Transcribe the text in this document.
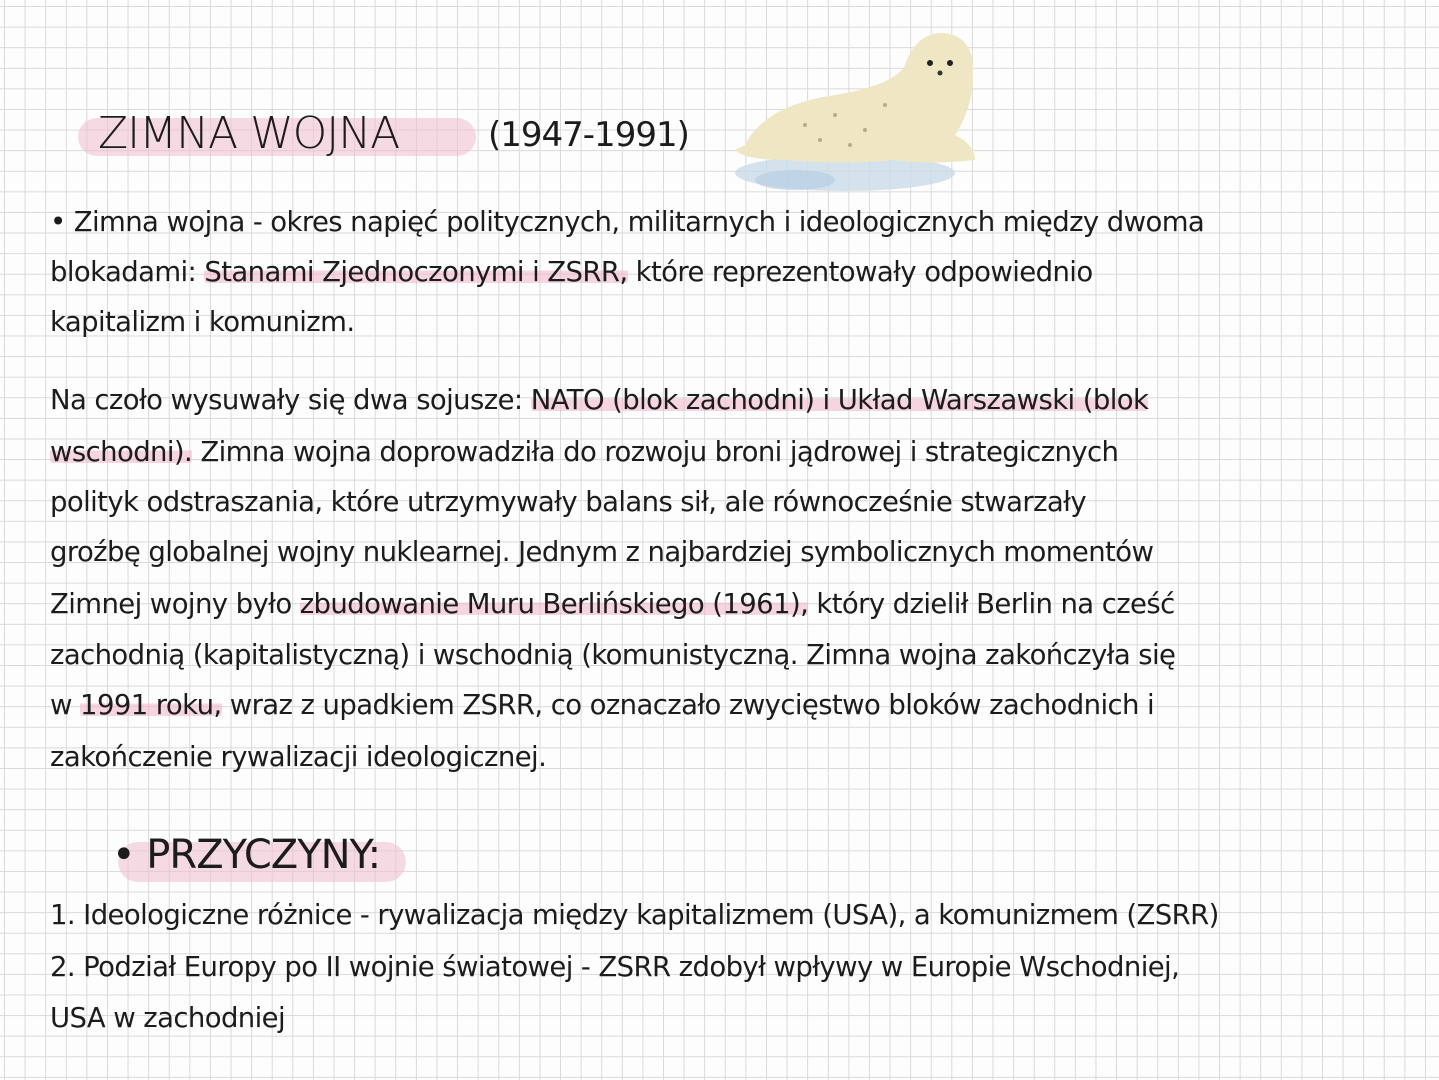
ZIMNA WOJNA	(1947-1991)
• Zimna wojna - okres napięć politycznych, militarnych i ideologicznych między dwoma
blokadami: Stanami Zjednoczonymi i ZSRR, które reprezentowały odpowiednio
kapitalizm i komunizm.
Na czoło wysuwały się dwa sojusze: NATO (blok zachodni) i Układ Warszawski (blok
wschodni). Zimna wojna doprowadziła do rozwoju broni jądrowej i strategicznych
polityk odstraszania, które utrzymywały balans sił, ale równocześnie stwarzały
groźbę globalnej wojny nuklearnej. Jednym z najbardziej symbolicznych momentów
Zimnej wojny było zbudowanie Muru Berlińskiego (1961), który dzielił Berlin na cześć
zachodnią (kapitalistyczną) i wschodnią (komunistyczną. Zimna wojna zakończyła się
w 1991 roku, wraz z upadkiem ZSRR, co oznaczało zwycięstwo bloków zachodnich i
zakończenie rywalizacji ideologicznej.
• PRZYCZYNY:
1. Ideologiczne różnice - rywalizacja między kapitalizmem (USA), a komunizmem (ZSRR)
2. Podział Europy po II wojnie światowej - ZSRR zdobył wpływy w Europie Wschodniej,
USA w zachodniej
